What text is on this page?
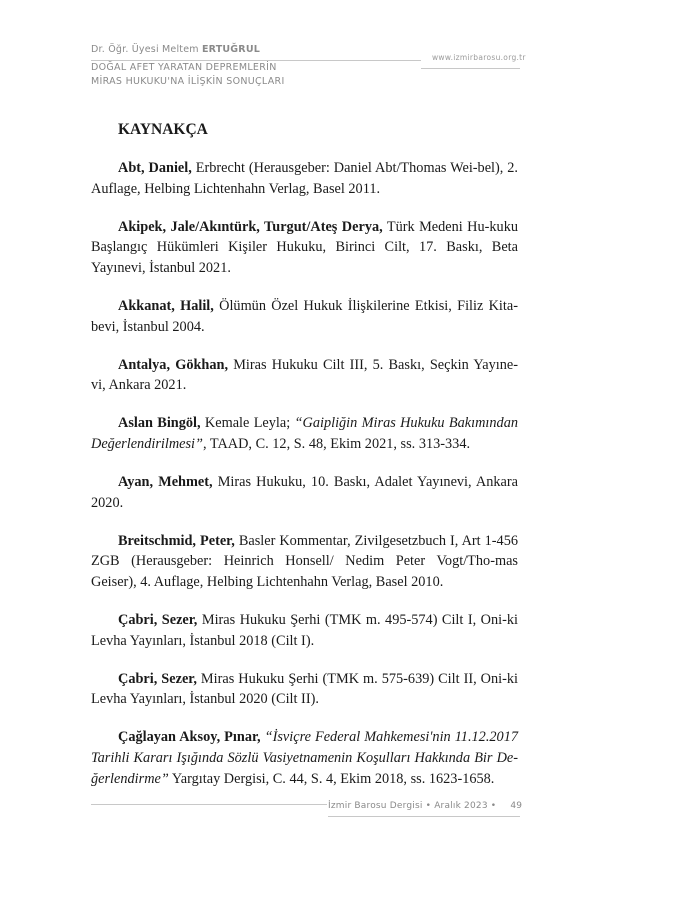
Dr. Öğr. Üyesi Meltem ERTUĞRUL
DOĞAL AFET YARATAN DEPREMLERİN
MİRAS HUKUKU'NA İLİŞKİN SONUÇLARI
www.izmirbarosu.org.tr
KAYNAKÇA

Abt, Daniel, Erbrecht (Herausgeber: Daniel Abt/Thomas Wei-bel), 2. Auflage, Helbing Lichtenhahn Verlag, Basel 2011.

Akipek, Jale/Akıntürk, Turgut/Ateş Derya, Türk Medeni Hu-kuku Başlangıç Hükümleri Kişiler Hukuku, Birinci Cilt, 17. Baskı, Beta Yayınevi, İstanbul 2021.

Akkanat, Halil, Ölümün Özel Hukuk İlişkilerine Etkisi, Filiz Kita-bevi, İstanbul 2004.

Antalya, Gökhan, Miras Hukuku Cilt III, 5. Baskı, Seçkin Yayıne-vi, Ankara 2021.

Aslan Bingöl, Kemale Leyla; “Gaipliğin Miras Hukuku Bakımından Değerlendirilmesi”, TAAD, C. 12, S. 48, Ekim 2021, ss. 313-334.

Ayan, Mehmet, Miras Hukuku, 10. Baskı, Adalet Yayınevi, Ankara 2020.

Breitschmid, Peter, Basler Kommentar, Zivilgesetzbuch I, Art 1-456 ZGB (Herausgeber: Heinrich Honsell/ Nedim Peter Vogt/Tho-mas Geiser), 4. Auflage, Helbing Lichtenhahn Verlag, Basel 2010.

Çabri, Sezer, Miras Hukuku Şerhi (TMK m. 495-574) Cilt I, Oni-ki Levha Yayınları, İstanbul 2018 (Cilt I).

Çabri, Sezer, Miras Hukuku Şerhi (TMK m. 575-639) Cilt II, Oni-ki Levha Yayınları, İstanbul 2020 (Cilt II).

Çağlayan Aksoy, Pınar, “İsviçre Federal Mahkemesi'nin 11.12.2017 Tarihli Kararı Işığında Sözlü Vasiyetnamenin Koşulları Hakkında Bir De-ğerlendirme” Yargıtay Dergisi, C. 44, S. 4, Ekim 2018, ss. 1623-1658.

İzmir Barosu Dergisi • Aralık 2023 • 49
